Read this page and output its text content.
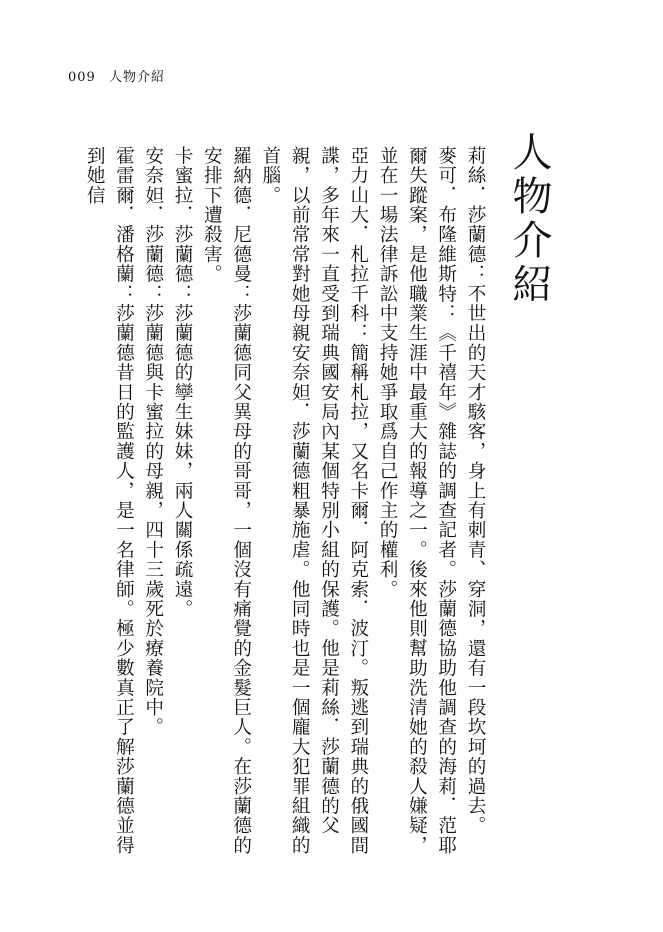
009 人物介紹
人物介紹

莉絲．莎蘭德：不世出的天才駭客，身上有刺青、穿洞，還有一段坎坷的過去。

麥可．布隆維斯特：《千禧年》雜誌的調查記者。莎蘭德協助他調查的海莉．范耶爾失蹤案，是他職業生涯中最重大的報導之一。後來他則幫助洗清她的殺人嫌疑，並在一場法律訴訟中支持她爭取爲自己作主的權利。

亞力山大．札拉千科：簡稱札拉，又名卡爾．阿克索．波汀。叛逃到瑞典的俄國間諜，多年來一直受到瑞典國安局內某個特別小組的保護。他是莉絲．莎蘭德的父親，以前常常對她母親安奈妲．莎蘭德粗暴施虐。他同時也是一個龐大犯罪組織的首腦。

羅納德．尼德曼：莎蘭德同父異母的哥哥，一個沒有痛覺的金髮巨人。在莎蘭德的安排下遭殺害。

卡蜜拉．莎蘭德：莎蘭德的孿生妹妹，兩人關係疏遠。

安奈妲．莎蘭德：莎蘭德與卡蜜拉的母親，四十三歲死於療養院中。

霍雷爾．潘格蘭：莎蘭德昔日的監護人，是一名律師。極少數真正了解莎蘭德並得到她信
